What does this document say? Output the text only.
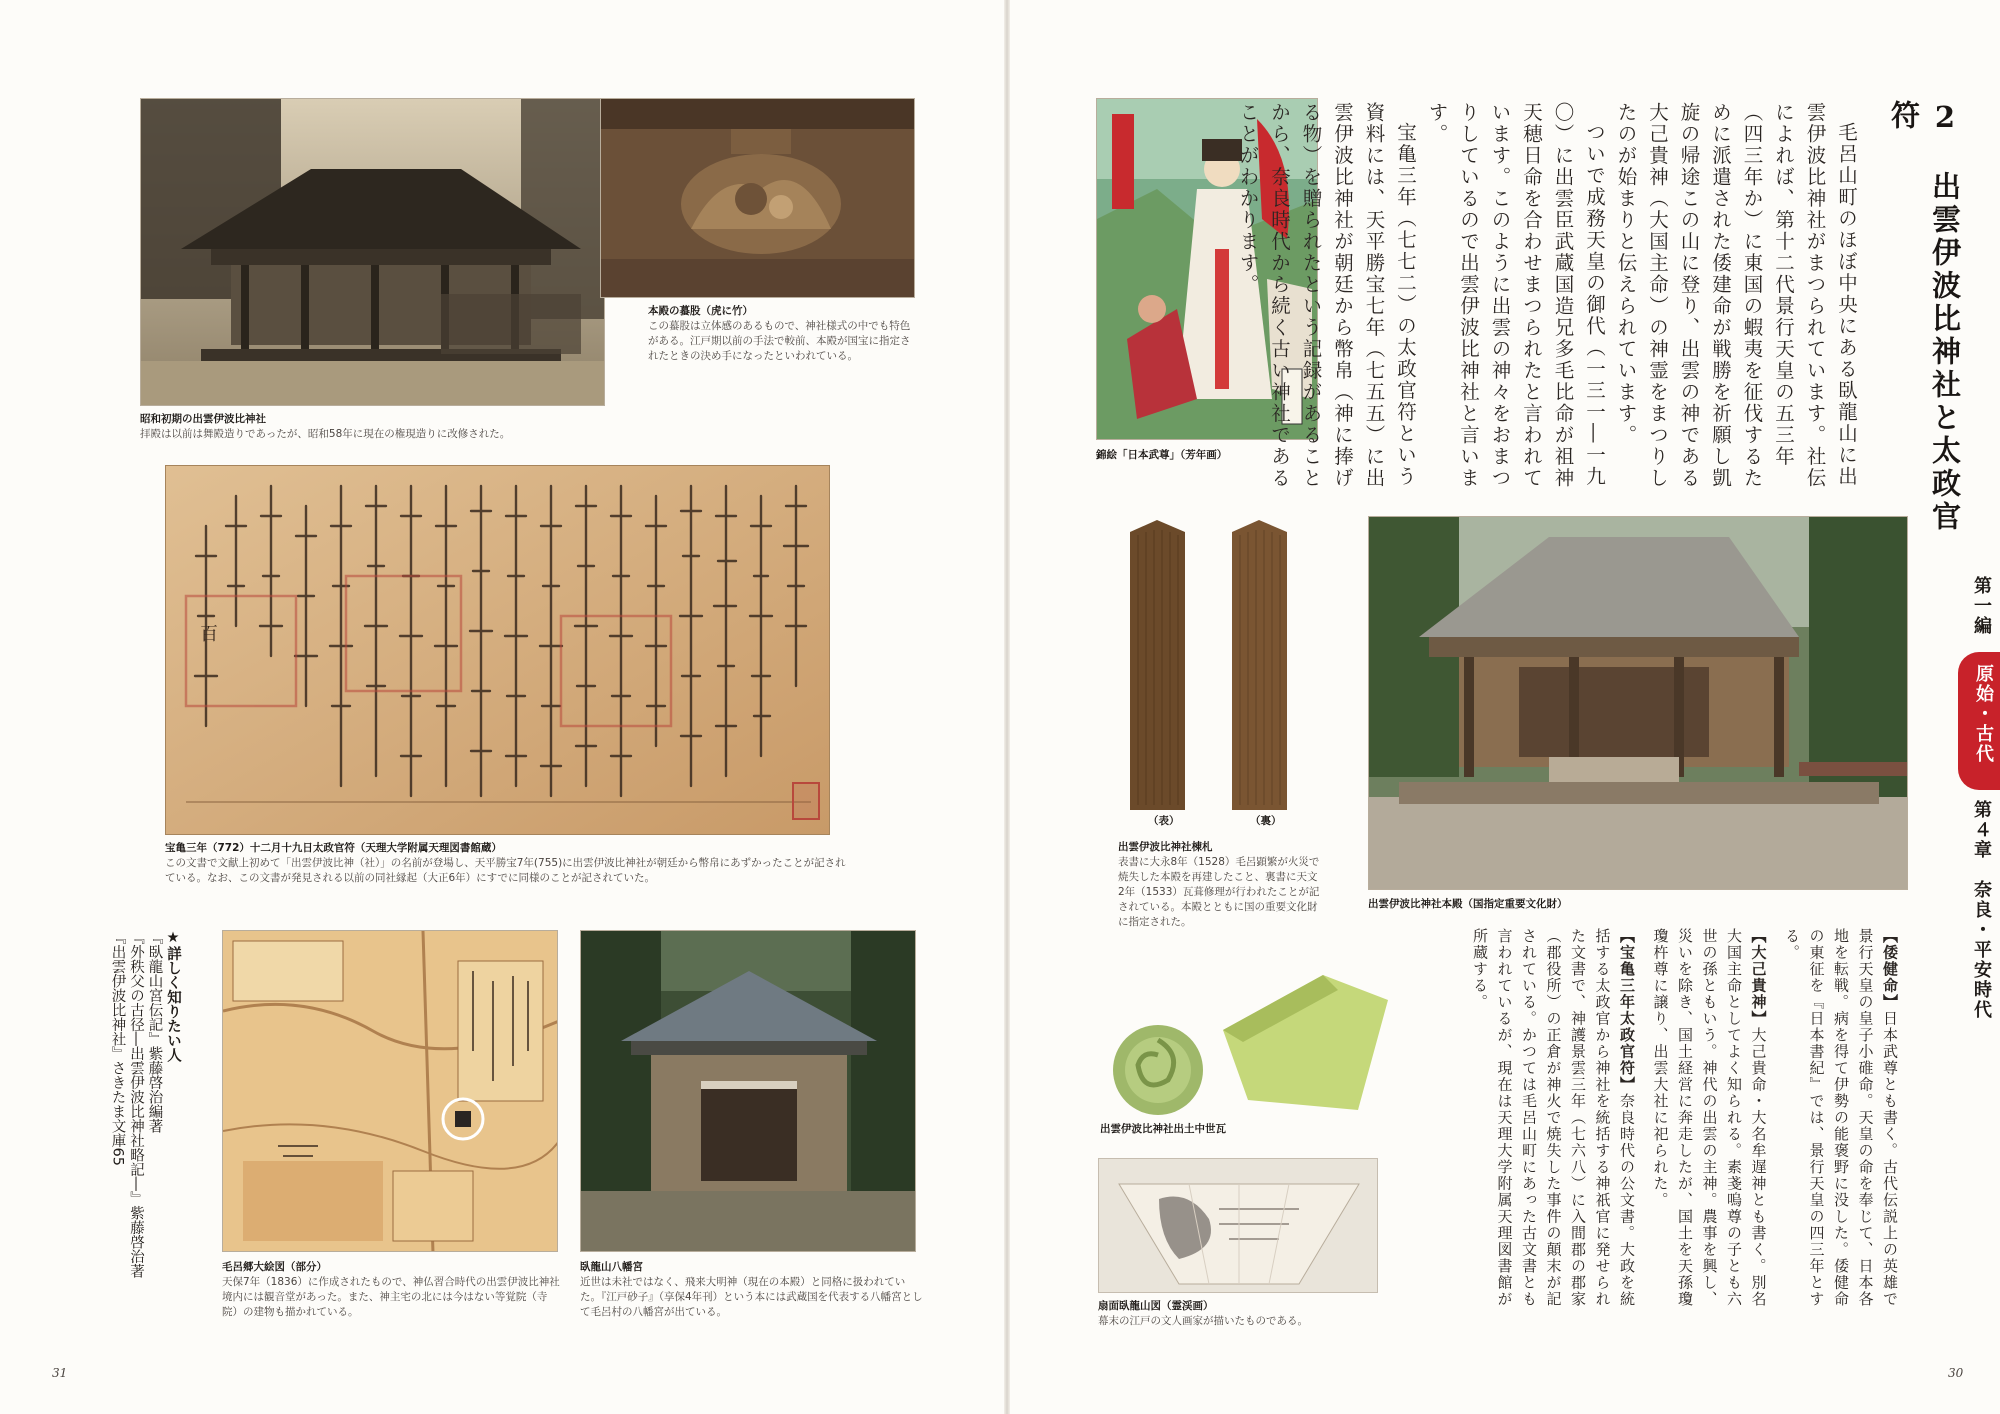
昭和初期の出雲伊波比神社
拝殿は以前は舞殿造りであったが、昭和58年に現在の権現造りに改修された。
本殿の蟇股（虎に竹）
この蟇股は立体感のあるもので、神社様式の中でも特色がある。江戸期以前の手法で較前、本殿が国宝に指定されたときの決め手になったといわれている。
百
宝亀三年（772）十二月十九日太政官符（天理大学附属天理図書館蔵）
この文書で文献上初めて「出雲伊波比神（社）」の名前が登場し、天平勝宝7年(755)に出雲伊波比神社が朝廷から幣帛にあずかったことが記されている。なお、この文書が発見される以前の同社縁起（大正6年）にすでに同様のことが記されていた。
★詳しく知りたい人
『臥龍山宮伝記』紫藤啓治編著
『外秩父の古径―出雲伊波比神社略記―』紫藤啓治著
『出雲伊波比神社』さきたま文庫65
毛呂郷大絵図（部分）
天保7年（1836）に作成されたもので、神仏習合時代の出雲伊波比神社境内には観音堂があった。また、神主宅の北には今はない等覚院（寺院）の建物も描かれている。
臥龍山八幡宮
近世は未社ではなく、飛来大明神（現在の本殿）と同格に扱われていた。『江戸砂子』（享保4年刊）という本には武蔵国を代表する八幡宮として毛呂村の八幡宮が出ている。
31
錦絵「日本武尊」（芳年画）	2　出雲伊波比神社と太政官符

毛呂山町のほぼ中央にある臥龍山に出雲伊波比神社がまつられています。社伝によれば、第十二代景行天皇の五三年（四三年か）に東国の蝦夷を征伐するために派遣された倭建命が戦勝を祈願し凱旋の帰途この山に登り、出雲の神である大己貴神（大国主命）の神霊をまつりしたのが始まりと伝えられています。

ついで成務天皇の御代（一三一―一九〇）に出雲臣武蔵国造兄多毛比命が祖神天穂日命を合わせまつられたと言われています。このように出雲の神々をおまつりしているので出雲伊波比神社と言います。

宝亀三年（七七二）の太政官符という資料には、天平勝宝七年（七五五）に出雲伊波比神社が朝廷から幣帛（神に捧げる物）を贈られたという記録があることから、奈良時代から続く古い神社であることがわかります。

（表）	（裏）
出雲伊波比神社棟札
表書に大永8年（1528）毛呂顕繁が火災で焼失した本殿を再建したこと、裏書に天文2年（1533）瓦葺修理が行われたことが記されている。本殿とともに国の重要文化財に指定された。
出雲伊波比神社本殿（国指定重要文化財）
出雲伊波比神社出土中世瓦
扇面臥龍山図（霊渓画）
幕末の江戸の文人画家が描いたものである。

【倭健命】日本武尊とも書く。古代伝説上の英雄で景行天皇の皇子小碓命。天皇の命を奉じて、日本各地を転戦。病を得て伊勢の能褒野に没した。倭健命の東征を『日本書紀』では、景行天皇の四三年とする。

【大己貴神】大己貴命・大名牟遅神とも書く。別名大国主命としてよく知られる。素戔嗚尊の子とも六世の孫ともいう。神代の出雲の主神。農事を興し、災いを除き、国土経営に奔走したが、国土を天孫瓊瓊杵尊に譲り、出雲大社に祀られた。

【宝亀三年太政官符】奈良時代の公文書。大政を統括する太政官から神社を統括する神祇官に発せられた文書で、神護景雲三年（七六八）に入間郡の郡家（郡役所）の正倉が神火で焼失した事件の顛末が記されている。かつては毛呂山町にあった古文書とも言われているが、現在は天理大学附属天理図書館が所蔵する。

第一編
原始・古代
第４章　奈良・平安時代
30
